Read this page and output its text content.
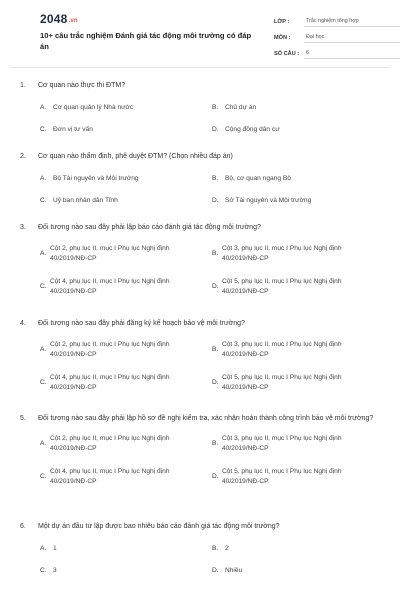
2048.vn
10+ câu trắc nghiệm Đánh giá tác động môi trường có đáp án
LỚP :	Trắc nghiệm tổng hợp
MÔN :	Đại học
SỐ CÂU :	6
1. Cơ quan nào thực thi ĐTM?
A. Cơ quan quản lý Nhà nước	B. Chủ dự án
C. Đơn vị tư vấn	D. Cộng đồng dân cư
2. Cơ quan nào thẩm định, phê duyệt ĐTM? (Chọn nhiều đáp án)
A. Bộ Tài nguyên và Môi trường	B. Bộ, cơ quan ngang Bộ
C. Uỷ ban nhân dân Tỉnh	D. Sở Tài nguyên và Môi trường
3. Đối tượng nào sau đây phải lập báo cáo đánh giá tác động môi trường?
A.
Cột 2, phụ lục II, mục I Phụ lục Nghị định 40/2019/NĐ-CP
B.
Cột 3, phụ lục II, mục I Phụ lục Nghị định 40/2019/NĐ-CP
C.
Cột 4, phụ lục II, mục I Phụ lục Nghị định 40/2019/NĐ-CP
D.
Cột 5, phụ lục II, mục I Phụ lục Nghị định 40/2019/NĐ-CP
4. Đối tượng nào sau đây phải đăng ký kế hoạch bảo vệ môi trường?
A.
Cột 2, phụ lục II, mục I Phụ lục Nghị định 40/2019/NĐ-CP
B.
Cột 3, phụ lục II, mục I Phụ lục Nghị định 40/2019/NĐ-CP
C.
Cột 4, phụ lục II, mục I Phụ lục Nghị định 40/2019/NĐ-CP
D.
Cột 5, phụ lục II, mục I Phụ lục Nghị định 40/2019/NĐ-CP
5. Đối tượng nào sau đây phải lập hồ sơ đề nghị kiểm tra, xác nhận hoàn thành công trình bảo vệ môi trường?
A.
Cột 2, phụ lục II, mục I Phụ lục Nghị định 40/2019/NĐ-CP
B.
Cột 3, phụ lục II, mục I Phụ lục Nghị định 40/2019/NĐ-CP
C.
Cột 4, phụ lục II, mục I Phụ lục Nghị định 40/2019/NĐ-CP
D.
Cột 5, phụ lục II, mục I Phụ lục Nghị định 40/2019/NĐ-CP
6. Một dự án đầu tư lập được bao nhiêu báo cáo đánh giá tác động môi trường?
A. 1	B. 2
C. 3	D. Nhiều
